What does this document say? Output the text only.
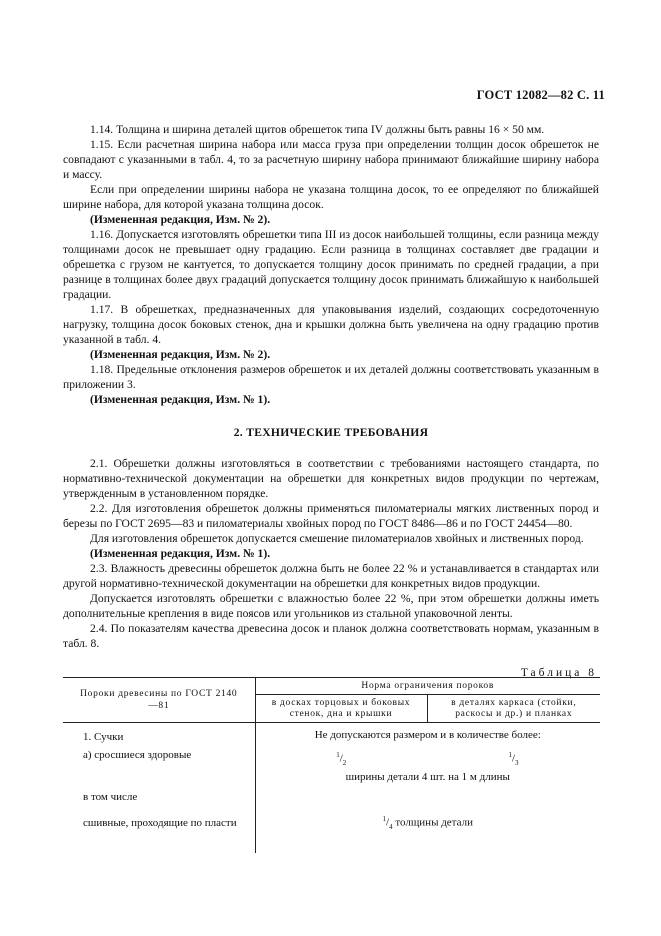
ГОСТ 12082—82 С. 11

1.14. Толщина и ширина деталей щитов обрешеток типа IV должны быть равны 16 × 50 мм.

1.15. Если расчетная ширина набора или масса груза при определении толщин досок обрешеток не совпадают с указанными в табл. 4, то за расчетную ширину набора принимают ближайшие ширину набора и массу.

Если при определении ширины набора не указана толщина досок, то ее определяют по ближайшей ширине набора, для которой указана толщина досок.

(Измененная редакция, Изм. № 2).

1.16. Допускается изготовлять обрешетки типа III из досок наибольшей толщины, если разница между толщинами досок не превышает одну градацию. Если разница в толщинах составляет две градации и обрешетка с грузом не кантуется, то допускается толщину досок принимать по средней градации, а при разнице в толщинах более двух градаций допускается толщину досок принимать ближайшую к наибольшей градации.

1.17. В обрешетках, предназначенных для упаковывания изделий, создающих сосредоточенную нагрузку, толщина досок боковых стенок, дна и крышки должна быть увеличена на одну градацию против указанной в табл. 4.

(Измененная редакция, Изм. № 2).

1.18. Предельные отклонения размеров обрешеток и их деталей должны соответствовать указанным в приложении 3.

(Измененная редакция, Изм. № 1).

2. ТЕХНИЧЕСКИЕ ТРЕБОВАНИЯ

2.1. Обрешетки должны изготовляться в соответствии с требованиями настоящего стандарта, по нормативно-технической документации на обрешетки для конкретных видов продукции по чертежам, утвержденным в установленном порядке.

2.2. Для изготовления обрешеток должны применяться пиломатериалы мягких лиственных пород и березы по ГОСТ 2695—83 и пиломатериалы хвойных пород по ГОСТ 8486—86 и по ГОСТ 24454—80.

Для изготовления обрешеток допускается смешение пиломатериалов хвойных и лиственных пород.

(Измененная редакция, Изм. № 1).

2.3. Влажность древесины обрешеток должна быть не более 22 % и устанавливается в стандартах или другой нормативно-технической документации на обрешетки для конкретных видов продукции.

Допускается изготовлять обрешетки с влажностью более 22 %, при этом обрешетки должны иметь дополнительные крепления в виде поясов или угольников из стальной упаковочной ленты.

2.4. По показателям качества древесина досок и планок должна соответствовать нормам, указанным в табл. 8.

Таблица 8
Пороки древесины по ГОСТ 2140—81	Норма ограничения пороков	
	в досках торцовых и боковых стенок, дна и крышки	в деталях каркаса (стойки, раскосы и др.) и планках
1. Сучки	Не допускаются размером и в количестве более:	
а) сросшиеся здоровые	$^1/_2$	$^1/_3$
	ширины детали 4 шт. на 1 м длины	
в том числе		
сшивные, проходящие по пласти	$^1/_4$ толщины детали	
